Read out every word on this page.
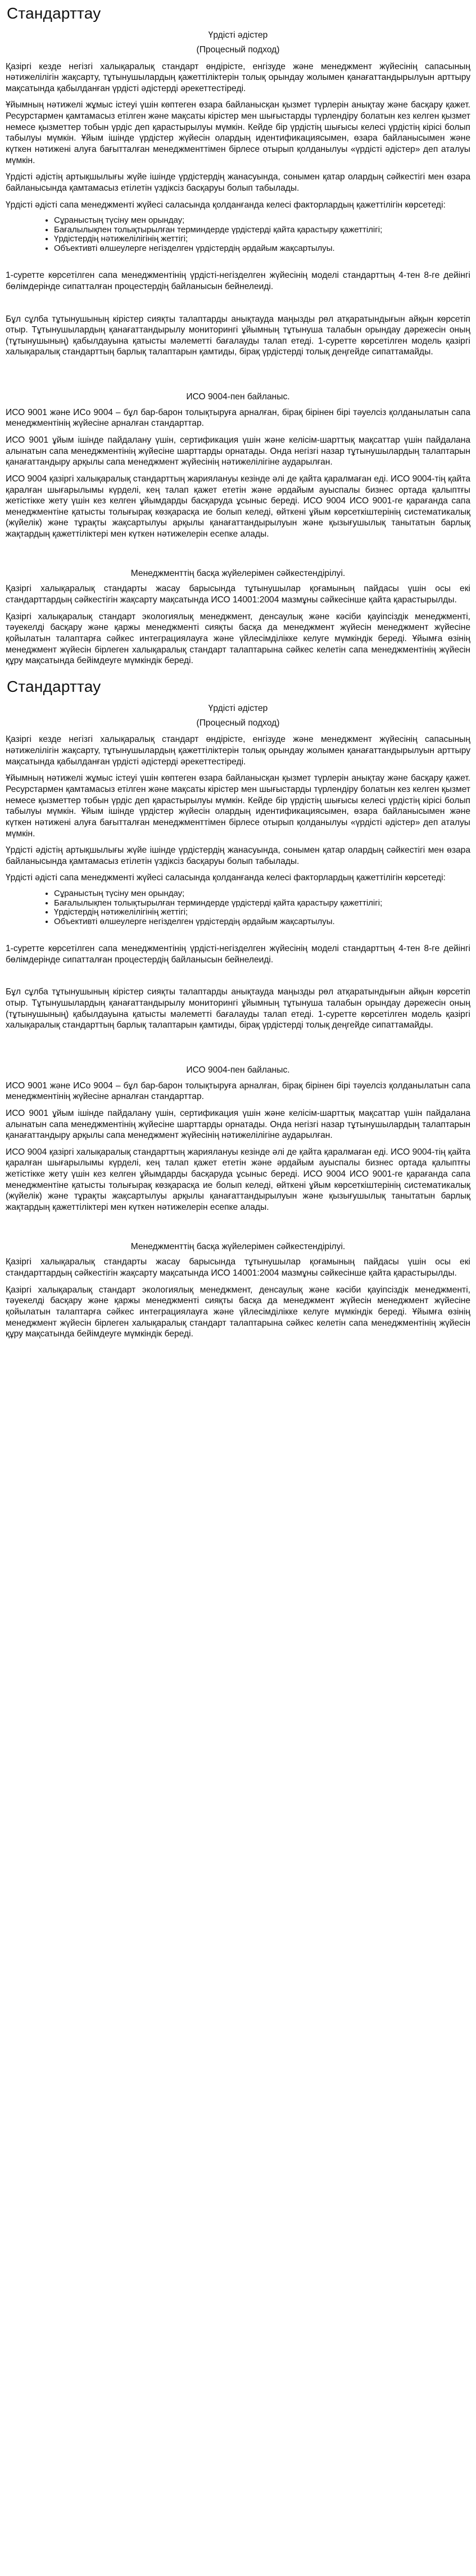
Стандарттау

Үрдісті әдістер

(Процесный подход)

Қазіргі кезде негізгі халықаралық стандарт өндірісте, енгізуде және менеджмент жүйесінің сапасының нәтижелілігін жақсарту, тұтынушылардың қажеттіліктерін толық орындау жолымен қанағаттандырылуын арттыру мақсатында қабылданған үрдісті әдістерді әрекеттестіреді.

Ұйымның нәтижелі жұмыс істеуі үшін көптеген өзара байланысқан қызмет түрлерін анықтау және басқару қажет. Ресурстармен қамтамасыз етілген және мақсаты кірістер мен шығыстарды түрлендіру болатын кез келген қызмет немесе қызметтер тобын үрдіс деп қарастырылуы мүмкін. Кейде бір үрдістің шығысы келесі үрдістің кірісі болып табылуы мүмкін. Ұйым ішінде үрдістер жүйесін олардың идентификациясымен, өзара байланысымен және күткен нәтижені алуға бағытталған менеджменттімен бірлесе отырып қолданылуы «үрдісті әдістер» деп аталуы мүмкін.

Үрдісті әдістің артықшылығы жүйе ішінде үрдістердің жанасуында, сонымен қатар олардың сәйкестігі мен өзара байланысында қамтамасыз етілетін үздіксіз басқаруы болып табылады.

Үрдісті әдісті сапа менеджменті жүйесі саласында қолданғанда келесі факторлардың қажеттілігін көрсетеді:

• Сұраныстың түсіну мен орындау;
• Бағалылықпен толықтырылған терминдерде үрдістерді қайта қарастыру қажеттілігі;
• Үрдістердің нәтижелілігінің жеттігі;
• Объективті өлшеулерге негізделген үрдістердің әрдайым жақсартылуы.

1-суретте көрсетілген сапа менеджментінің үрдісті-негізделген жүйесінің моделі стандарттың 4-тен 8-ге дейінгі бөлімдерінде сипатталған процестердің байланысын бейнелеиді.

Бұл сұлба тұтынушының кірістер сияқты талаптарды анықтауда маңызды рөл атқаратындығын айқын көрсетіп отыр. Тұтынушылардың қанағаттандырылу мониторингі ұйымның тұтынуша талабын орындау дәрежесін оның (тұтынушының) қабылдауына қатысты мәлеметті бағалауды талап етеді. 1-суретте көрсетілген модель қазіргі халықаралық стандарттың барлық талаптарын қамтиды, бірақ үрдістерді толық деңгейде сипаттамайды.

ИСО 9004-пен байланыс.

ИСО 9001 және ИСо 9004 – бұл бар-барон толықтыруға арналған, бірақ бірінен бірі тәуелсіз қолданылатын сапа менеджментінің жүйесіне арналған стандарттар.

ИСО 9001 ұйым ішінде пайдалану үшін, сертификация үшін және келісім-шарттық мақсаттар үшін пайдалана алынатын сапа менеджментінің жүйесіне шарттарды орнатады. Онда негізгі назар тұтынушылардың талаптарын қанағаттандыру арқылы сапа менеджмент жүйесінің нәтижелілігіне аударылған.

ИСО 9004 қазіргі халықаралық стандарттың жариялануы кезінде әлі де қайта қаралмаған еді. ИСО 9004-тің қайта қаралған шығарылымы күрделі, кең талап қажет ететін және әрдайым ауыспалы бизнес ортада қалыптғы жетістікке жету үшін кез келген ұйымдарды басқаруда ұсыныс береді. ИСО 9004 ИСО 9001-ге қарағанда сапа менеджментіне қатысты толығырақ көзқарасқа ие болып келеді, өйткені ұйым көрсеткіштерінің систематикалық (жүйелік) және тұрақты жақсартылуы арқылы қанағаттандырылуын және қызығушылық танытатын барлық жақтардың қажеттіліктері мен күткен нәтижелерін есепке алады.

Менеджменттің басқа жүйелерімен сәйкестендірілуі.

Қазіргі халықаралық стандарты жасау барысында тұтынушылар қоғамының пайдасы үшін осы екі стандарттардың сәйкестігін жақсарту мақсатында ИСО 14001:2004 мазмұны сәйкесінше қайта қарастырылды.

Қазіргі халықаралық стандарт экологиялық менеджмент, денсаулық және кәсіби қауіпсіздік менеджменті, тәуекелді басқару және қаржы менеджменті сияқты басқа да менеджмент жүйесін менеджмент жүйесіне қойылатын талаптарға сәйкес интеграциялауға және үйлесімділікке келуге мүмкіндік береді. Ұйымға өзінің менеджмент жүйесін бірлеген халықаралық стандарт талаптарына сәйкес келетін сапа менеджментінің жүйесін құру мақсатында бейімдеуге мүмкіндік береді.

Стандарттау

Үрдісті әдістер

(Процесный подход)

Қазіргі кезде негізгі халықаралық стандарт өндірісте, енгізуде және менеджмент жүйесінің сапасының нәтижелілігін жақсарту, тұтынушылардың қажеттіліктерін толық орындау жолымен қанағаттандырылуын арттыру мақсатында қабылданған үрдісті әдістерді әрекеттестіреді.

Ұйымның нәтижелі жұмыс істеуі үшін көптеген өзара байланысқан қызмет түрлерін анықтау және басқару қажет. Ресурстармен қамтамасыз етілген және мақсаты кірістер мен шығыстарды түрлендіру болатын кез келген қызмет немесе қызметтер тобын үрдіс деп қарастырылуы мүмкін. Кейде бір үрдістің шығысы келесі үрдістің кірісі болып табылуы мүмкін. Ұйым ішінде үрдістер жүйесін олардың идентификациясымен, өзара байланысымен және күткен нәтижені алуға бағытталған менеджменттімен бірлесе отырып қолданылуы «үрдісті әдістер» деп аталуы мүмкін.

Үрдісті әдістің артықшылығы жүйе ішінде үрдістердің жанасуында, сонымен қатар олардың сәйкестігі мен өзара байланысында қамтамасыз етілетін үздіксіз басқаруы болып табылады.

Үрдісті әдісті сапа менеджменті жүйесі саласында қолданғанда келесі факторлардың қажеттілігін көрсетеді:

• Сұраныстың түсіну мен орындау;
• Бағалылықпен толықтырылған терминдерде үрдістерді қайта қарастыру қажеттілігі;
• Үрдістердің нәтижелілігінің жеттігі;
• Объективті өлшеулерге негізделген үрдістердің әрдайым жақсартылуы.

1-суретте көрсетілген сапа менеджментінің үрдісті-негізделген жүйесінің моделі стандарттың 4-тен 8-ге дейінгі бөлімдерінде сипатталған процестердің байланысын бейнелеиді.

Бұл сұлба тұтынушының кірістер сияқты талаптарды анықтауда маңызды рөл атқаратындығын айқын көрсетіп отыр. Тұтынушылардың қанағаттандырылу мониторингі ұйымның тұтынуша талабын орындау дәрежесін оның (тұтынушының) қабылдауына қатысты мәлеметті бағалауды талап етеді. 1-суретте көрсетілген модель қазіргі халықаралық стандарттың барлық талаптарын қамтиды, бірақ үрдістерді толық деңгейде сипаттамайды.

ИСО 9004-пен байланыс.

ИСО 9001 және ИСо 9004 – бұл бар-барон толықтыруға арналған, бірақ бірінен бірі тәуелсіз қолданылатын сапа менеджментінің жүйесіне арналған стандарттар.

ИСО 9001 ұйым ішінде пайдалану үшін, сертификация үшін және келісім-шарттық мақсаттар үшін пайдалана алынатын сапа менеджментінің жүйесіне шарттарды орнатады. Онда негізгі назар тұтынушылардың талаптарын қанағаттандыру арқылы сапа менеджмент жүйесінің нәтижелілігіне аударылған.

ИСО 9004 қазіргі халықаралық стандарттың жариялануы кезінде әлі де қайта қаралмаған еді. ИСО 9004-тің қайта қаралған шығарылымы күрделі, кең талап қажет ететін және әрдайым ауыспалы бизнес ортада қалыптғы жетістікке жету үшін кез келген ұйымдарды басқаруда ұсыныс береді. ИСО 9004 ИСО 9001-ге қарағанда сапа менеджментіне қатысты толығырақ көзқарасқа ие болып келеді, өйткені ұйым көрсеткіштерінің систематикалық (жүйелік) және тұрақты жақсартылуы арқылы қанағаттандырылуын және қызығушылық танытатын барлық жақтардың қажеттіліктері мен күткен нәтижелерін есепке алады.

Менеджменттің басқа жүйелерімен сәйкестендірілуі.

Қазіргі халықаралық стандарты жасау барысында тұтынушылар қоғамының пайдасы үшін осы екі стандарттардың сәйкестігін жақсарту мақсатында ИСО 14001:2004 мазмұны сәйкесінше қайта қарастырылды.

Қазіргі халықаралық стандарт экологиялық менеджмент, денсаулық және кәсіби қауіпсіздік менеджменті, тәуекелді басқару және қаржы менеджменті сияқты басқа да менеджмент жүйесін менеджмент жүйесіне қойылатын талаптарға сәйкес интеграциялауға және үйлесімділікке келуге мүмкіндік береді. Ұйымға өзінің менеджмент жүйесін бірлеген халықаралық стандарт талаптарына сәйкес келетін сапа менеджментінің жүйесін құру мақсатында бейімдеуге мүмкіндік береді.
